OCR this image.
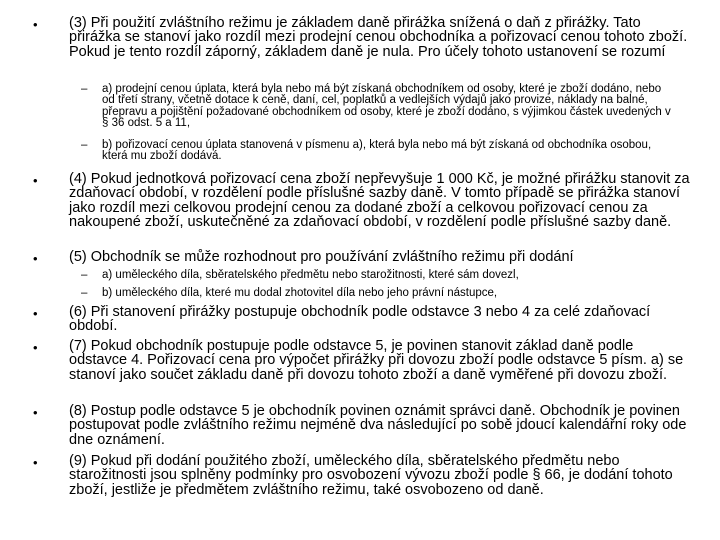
•	(3) Při použití zvláštního režimu je základem daně přirážka snížená o daň z přirážky. Tato přirážka se stanoví jako rozdíl mezi prodejní cenou obchodníka a pořizovací cenou tohoto zboží. Pokud je tento rozdíl záporný, základem daně je nula. Pro účely tohoto ustanovení se rozumí
– a) prodejní cenou úplata, která byla nebo má být získaná obchodníkem od osoby, které je zboží dodáno, nebo od třetí strany, včetně dotace k ceně, daní, cel, poplatků a vedlejších výdajů jako provize, náklady na balné, přepravu a pojištění požadované obchodníkem od osoby, které je zboží dodáno, s výjimkou částek uvedených v § 36 odst. 5 a 11,
– b) pořizovací cenou úplata stanovená v písmenu a), která byla nebo má být získaná od obchodníka osobou, která mu zboží dodává.
•	(4) Pokud jednotková pořizovací cena zboží nepřevyšuje 1 000 Kč, je možné přirážku stanovit za zdaňovací období, v rozdělení podle příslušné sazby daně. V tomto případě se přirážka stanoví jako rozdíl mezi celkovou prodejní cenou za dodané zboží a celkovou pořizovací cenou za nakoupené zboží, uskutečněné za zdaňovací období, v rozdělení podle příslušné sazby daně.
•	(5) Obchodník se může rozhodnout pro používání zvláštního režimu při dodání
– a) uměleckého díla, sběratelského předmětu nebo starožitnosti, které sám dovezl,
– b) uměleckého díla, které mu dodal zhotovitel díla nebo jeho právní nástupce,
•	(6) Při stanovení přirážky postupuje obchodník podle odstavce 3 nebo 4 za celé zdaňovací období.
•	(7) Pokud obchodník postupuje podle odstavce 5, je povinen stanovit základ daně podle odstavce 4. Pořizovací cena pro výpočet přirážky při dovozu zboží podle odstavce 5 písm. a) se stanoví jako součet základu daně při dovozu tohoto zboží a daně vyměřené při dovozu zboží.
•	(8) Postup podle odstavce 5 je obchodník povinen oznámit správci daně. Obchodník je povinen postupovat podle zvláštního režimu nejméně dva následující po sobě jdoucí kalendářní roky ode dne oznámení.
•	(9) Pokud při dodání použitého zboží, uměleckého díla, sběratelského předmětu nebo starožitnosti jsou splněny podmínky pro osvobození vývozu zboží podle § 66, je dodání tohoto zboží, jestliže je předmětem zvláštního režimu, také osvobozeno od daně.
